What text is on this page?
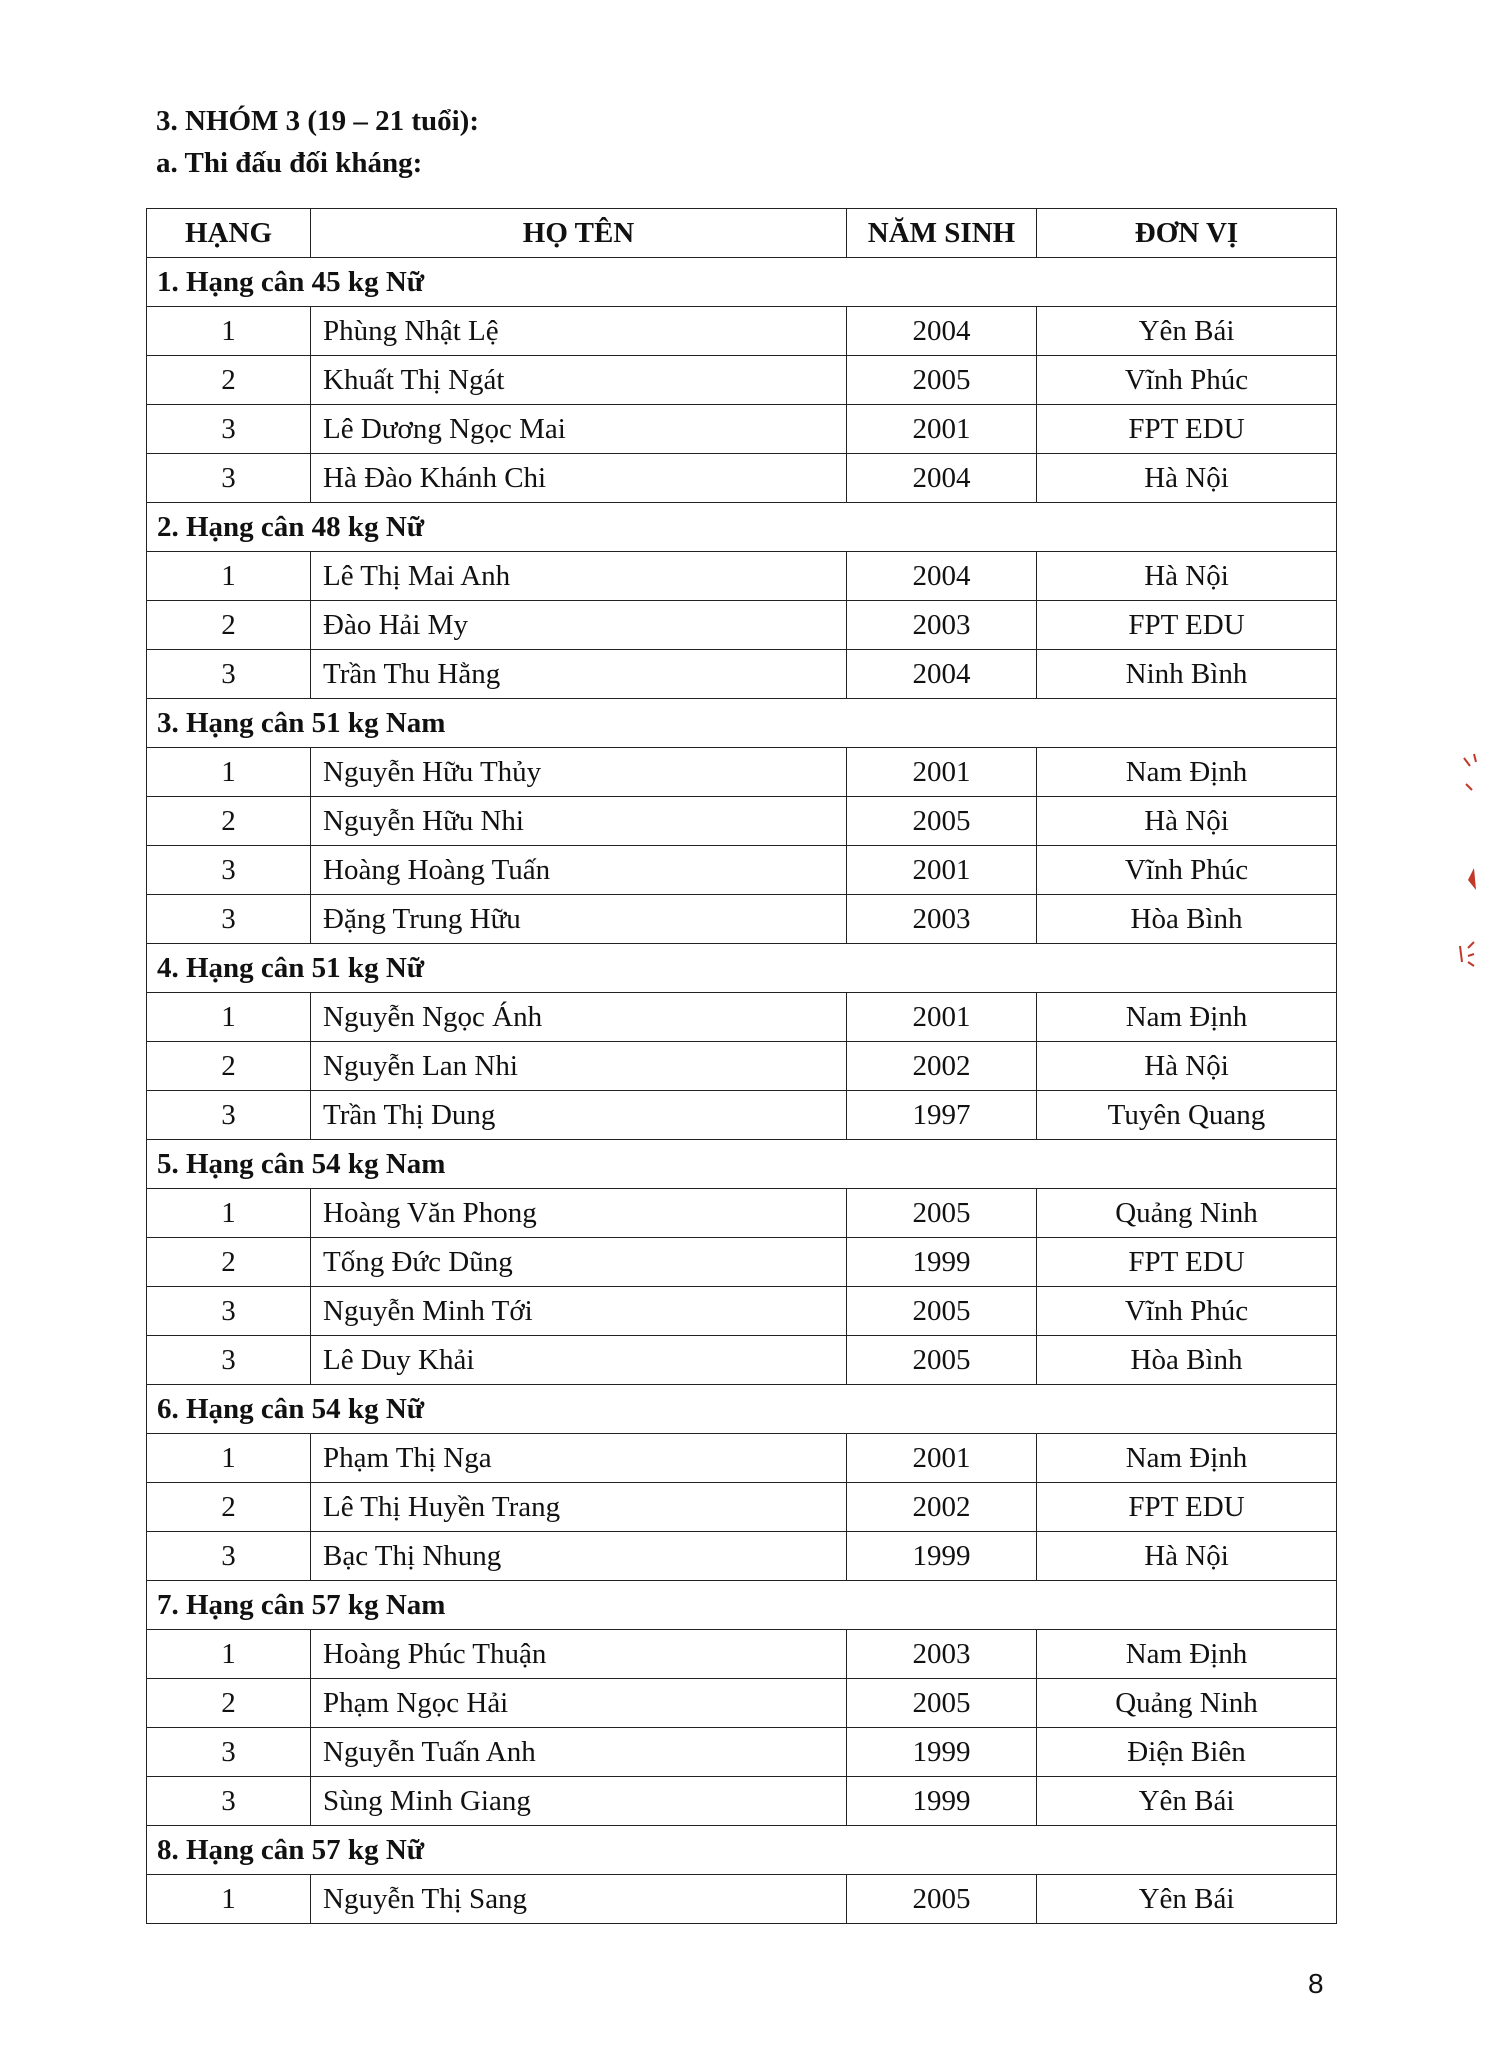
3. NHÓM 3 (19 – 21 tuổi):

a. Thi đấu đối kháng:

HẠNG	HỌ TÊN	NĂM SINH	ĐƠN VỊ
1. Hạng cân 45 kg Nữ			
1	Phùng Nhật Lệ	2004	Yên Bái
2	Khuất Thị Ngát	2005	Vĩnh Phúc
3	Lê Dương Ngọc Mai	2001	FPT EDU
3	Hà Đào Khánh Chi	2004	Hà Nội
2. Hạng cân 48 kg Nữ			
1	Lê Thị Mai Anh	2004	Hà Nội
2	Đào Hải My	2003	FPT EDU
3	Trần Thu Hằng	2004	Ninh Bình
3. Hạng cân 51 kg Nam			
1	Nguyễn Hữu Thủy	2001	Nam Định
2	Nguyễn Hữu Nhi	2005	Hà Nội
3	Hoàng Hoàng Tuấn	2001	Vĩnh Phúc
3	Đặng Trung Hữu	2003	Hòa Bình
4. Hạng cân 51 kg Nữ			
1	Nguyễn Ngọc Ánh	2001	Nam Định
2	Nguyễn Lan Nhi	2002	Hà Nội
3	Trần Thị Dung	1997	Tuyên Quang
5. Hạng cân 54 kg Nam			
1	Hoàng Văn Phong	2005	Quảng Ninh
2	Tống Đức Dũng	1999	FPT EDU
3	Nguyễn Minh Tới	2005	Vĩnh Phúc
3	Lê Duy Khải	2005	Hòa Bình
6. Hạng cân 54 kg Nữ			
1	Phạm Thị Nga	2001	Nam Định
2	Lê Thị Huyền Trang	2002	FPT EDU
3	Bạc Thị Nhung	1999	Hà Nội
7. Hạng cân 57 kg Nam			
1	Hoàng Phúc Thuận	2003	Nam Định
2	Phạm Ngọc Hải	2005	Quảng Ninh
3	Nguyễn Tuấn Anh	1999	Điện Biên
3	Sùng Minh Giang	1999	Yên Bái
8. Hạng cân 57 kg Nữ			
1	Nguyễn Thị Sang	2005	Yên Bái
8
